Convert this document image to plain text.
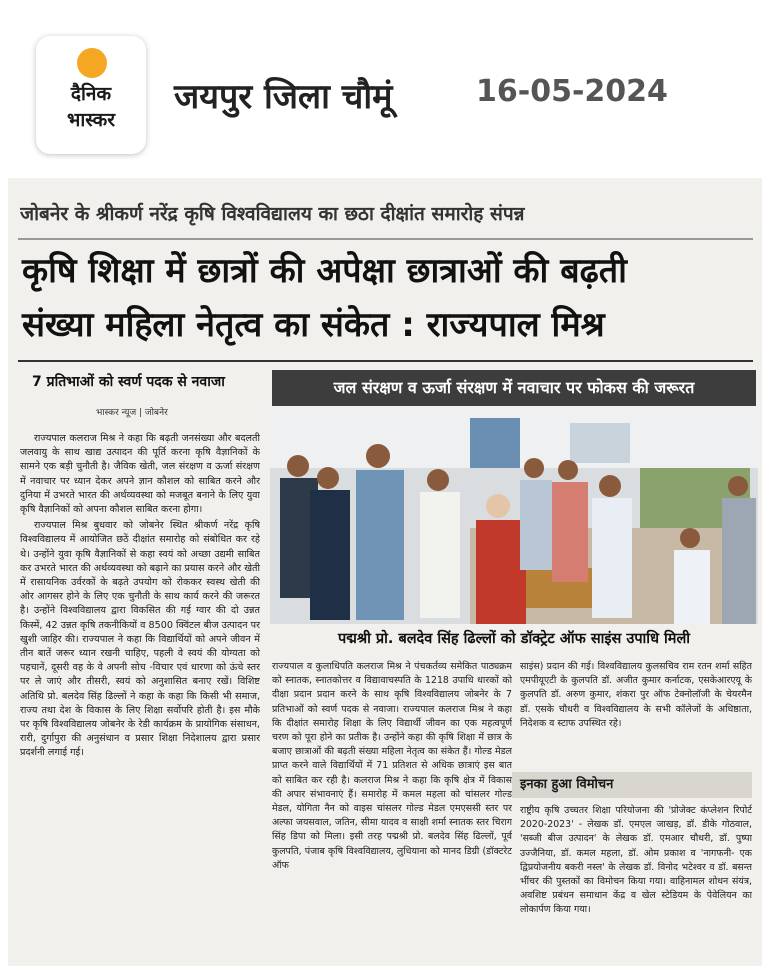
दैनिक
भास्कर
जयपुर जिला चौमूं	16-05-2024
जोबनेर के श्रीकर्ण नरेंद्र कृषि विश्वविद्यालय का छठा दीक्षांत समारोह संपन्न
कृषि शिक्षा में छात्रों की अपेक्षा छात्राओं की बढ़ती
संख्या महिला नेतृत्व का संकेत : राज्यपाल मिश्र
7 प्रतिभाओं को स्वर्ण पदक से नवाजा
भास्कर न्यूज | जोबनेर

राज्यपाल कलराज मिश्र ने कहा कि बढ़ती जनसंख्या और बदलती जलवायु के साथ खाद्य उत्पादन की पूर्ति करना कृषि वैज्ञानिकों के सामने एक बड़ी चुनौती है। जैविक खेती, जल संरक्षण व ऊर्जा संरक्षण में नवाचार पर ध्यान देकर अपने ज्ञान कौशल को साबित करने और दुनिया में उभरते भारत की अर्थव्यवस्था को मजबूत बनाने के लिए युवा कृषि वैज्ञानिकों को अपना कौशल साबित करना होगा।

राज्यपाल मिश्र बुधवार को जोबनेर स्थित श्रीकर्ण नरेंद्र कृषि विश्वविद्यालय में आयोजित छठें दीक्षांत समारोह को संबोधित कर रहे थे। उन्होंने युवा कृषि वैज्ञानिकों से कहा स्वयं को अच्छा उद्यमी साबित कर उभरते भारत की अर्थव्यवस्था को बढ़ाने का प्रयास करने और खेती में रासायनिक उर्वरकों के बढ़ते उपयोग को रोककर स्वस्थ खेती की ओर आगसर होने के लिए एक चुनौती के साथ कार्य करने की जरूरत है। उन्होंने विश्वविद्यालय द्वारा विकसित की गई ग्वार की दो उन्नत किस्में, 42 उन्नत कृषि तकनीकियों व 8500 क्विंटल बीज उत्पादन पर खुशी जाहिर की। राज्यपाल ने कहा कि विद्यार्थियों को अपने जीवन में तीन बातें जरूर ध्यान रखनी चाहिए, पहली वे स्वयं की योग्यता को पहचानें, दूसरी वह के वे अपनी सोच -विचार एवं धारणा को ऊंचे स्तर पर ले जाएं और तीसरी, स्वयं को अनुशासित बनाए रखें। विशिष्ट अतिथि प्रो. बलदेव सिंह ढिल्लों ने कहा के कहा कि किसी भी समाज, राज्य तथा देश के विकास के लिए शिक्षा सर्वोपरि होती है। इस मौके पर कृषि विश्वविद्यालय जोबनेर के रेडी कार्यक्रम के प्रायोगिक संसाधन, रारी, दुर्गापुरा की अनुसंधान व प्रसार शिक्षा निदेशालय द्वारा प्रसार प्रदर्शनी लगाई गई।

जल संरक्षण व ऊर्जा संरक्षण में नवाचार पर फोकस की जरूरत
पद्मश्री प्रो. बलदेव सिंह ढिल्लों को डॉक्ट्रेट ऑफ साइंस उपाधि मिली
राज्यपाल व कुलाधिपति कलराज मिश्र ने पंचकर्तव्य समेकित पाठ्यक्रम को स्नातक, स्नातकोत्तर व विद्यावाचस्पति के 1218 उपाधि धारकों को दीक्षा प्रदान प्रदान करने के साथ कृषि विश्वविद्यालय जोबनेर के 7 प्रतिभाओं को स्वर्ण पदक से नवाजा। राज्यपाल कलराज मिश्र ने कहा कि दीक्षांत समारोह शिक्षा के लिए विद्यार्थी जीवन का एक महत्वपूर्ण चरण को पूरा होने का प्रतीक है। उन्होंने कहा की कृषि शिक्षा में छात्र के बजाए छात्राओं की बढ़ती संख्या महिला नेतृत्व का संकेत हैं। गोल्ड मेडल प्राप्त करने वाले विद्यार्थियों में 71 प्रतिशत से अधिक छात्राएं इस बात को साबित कर रही है। कलराज मिश्र ने कहा कि कृषि क्षेत्र में विकास की अपार संभावनाएं हैं। समारोह में कमल महला को चांसलर गोल्ड मेडल, योगिता नैन को वाइस चांसलर गोल्ड मेडल एमएससी स्तर पर अल्फा जयसवाल, जतिन, सीमा यादव व साक्षी शर्मा स्नातक स्तर चिराग सिंह डिपा को मिला। इसी तरह पद्मश्री प्रो. बलदेव सिंह ढिल्लों, पूर्व कुलपति, पंजाब कृषि विश्वविद्यालय, लुधियाना को मानद डिग्री (डॉक्टरेट ऑफ
साइंस) प्रदान की गई। विश्वविद्यालय कुलसचिव राम रतन शर्मा सहित एमपीयूएटी के कुलपति डॉ. अजीत कुमार कर्नाटक, एसकेआरएयू के कुलपति डॉ. अरुण कुमार, शंकरा पुर ऑफ टेक्नोलॉजी के चेयरमैन डॉ. एसके चौधरी व विश्वविद्यालय के सभी कॉलेजों के अधिष्ठाता, निदेशक व स्टाफ उपस्थित रहे।
इनका हुआ विमोचन
राष्ट्रीय कृषि उच्चतर शिक्षा परियोजना की 'प्रोजेक्ट कंप्लेशन रिपोर्ट 2020-2023' - लेखक डॉ. एमएल जाखड़, डॉ. डीके गोठवाल, 'सब्जी बीज उत्पादन' के लेखक डॉ. एमआर चौधरी, डॉ. पुष्पा उज्जैनिया, डॉ. कमल महला, डॉ. ओम प्रकाश व 'नागफनी- एक द्विप्रयोजनीय बकरी नस्ल' के लेखक डॉ. विनोद भटेश्वर व डॉ. बसन्त भींचर की पुस्तकों का विमोचन किया गया। वाहिनामल शोधन संयंत्र, अवशिष्ट प्रबंधन समाधान केंद्र व खेल स्टेडियम के पेवेलियन का लोकार्पण किया गया।
